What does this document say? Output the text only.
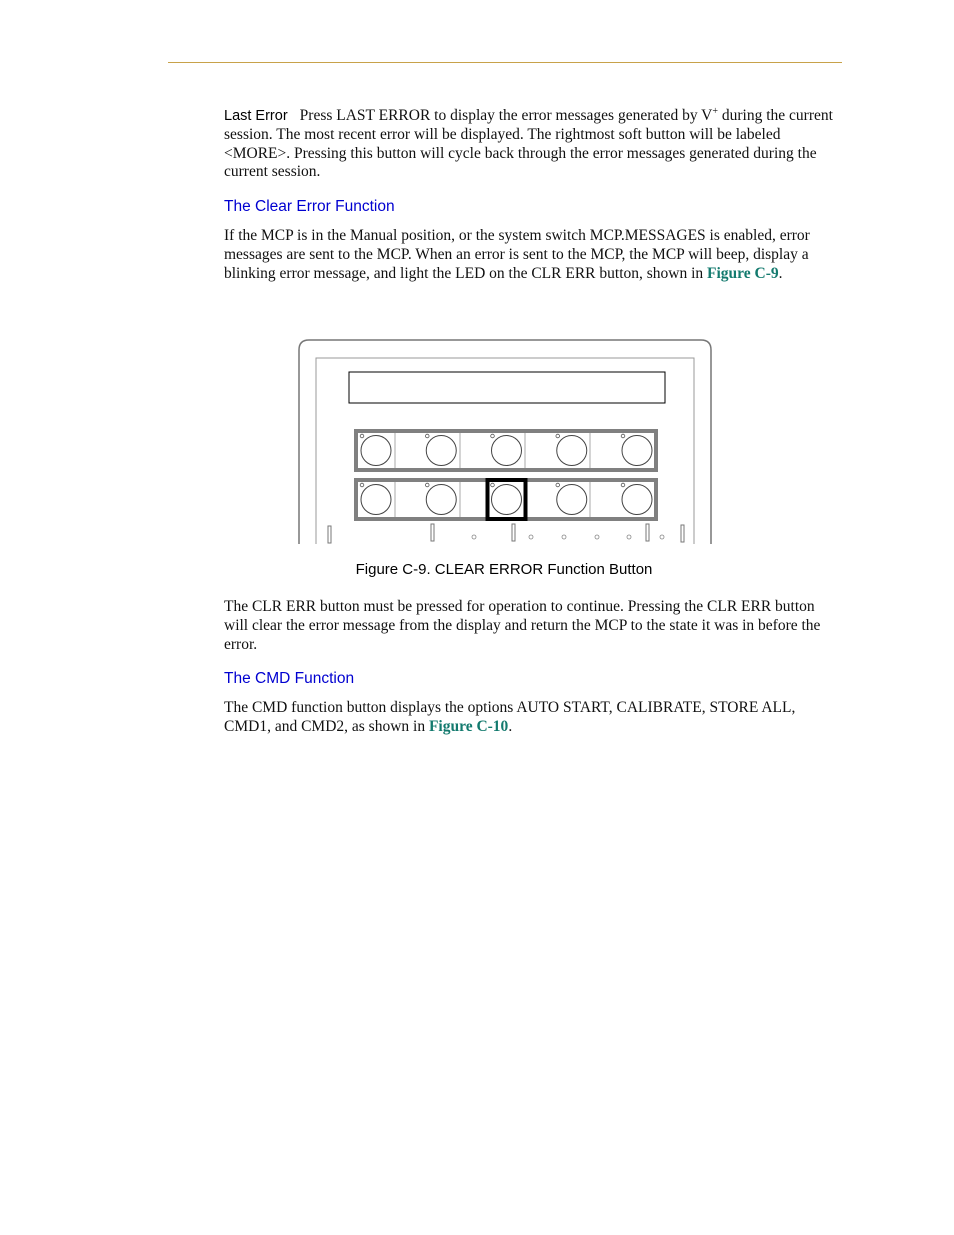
Last Error Press LAST ERROR to display the error messages generated by V+ during the current session. The most recent error will be displayed. The rightmost soft button will be labeled <MORE>. Pressing this button will cycle back through the error messages generated during the current session.

The Clear Error Function

If the MCP is in the Manual position, or the system switch MCP.MESSAGES is enabled, error messages are sent to the MCP. When an error is sent to the MCP, the MCP will beep, display a blinking error message, and light the LED on the CLR ERR button, shown in Figure C-9.

Figure C-9. CLEAR ERROR Function Button

The CLR ERR button must be pressed for operation to continue. Pressing the CLR ERR button will clear the error message from the display and return the MCP to the state it was in before the error.

The CMD Function

The CMD function button displays the options AUTO START, CALIBRATE, STORE ALL, CMD1, and CMD2, as shown in Figure C-10.
